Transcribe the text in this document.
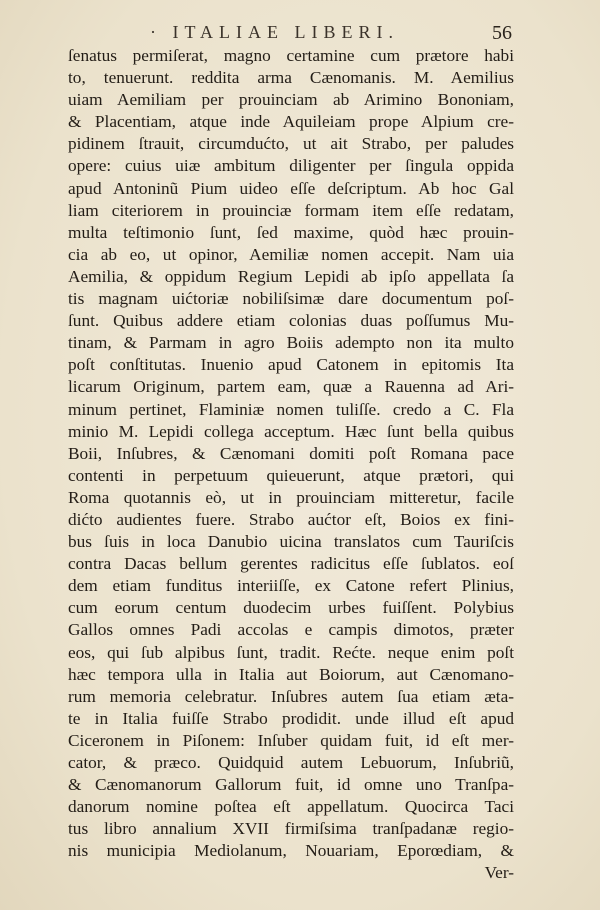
· ITALIAE LIBERI.	56
ſenatus permiſerat, magno certamine cum prætore habi
to, tenuerunt. reddita arma Cænomanis. M. Aemilius
uiam Aemiliam per prouinciam ab Arimino Bononiam,
& Placentiam, atque inde Aquileiam prope Alpium cre-
pidinem ſtrauit, circumdućto, ut ait Strabo, per paludes
opere: cuius uiæ ambitum diligenter per ſingula oppida
apud Antoninũ Pium uideo eſſe deſcriptum. Ab hoc Gal
liam citeriorem in prouinciæ formam item eſſe redatam,
multa teſtimonio ſunt, ſed maxime, quòd hæc prouin-
cia ab eo, ut opinor, Aemiliæ nomen accepit. Nam uia
Aemilia, & oppidum Regium Lepidi ab ipſo appellata ſa
tis magnam uićtoriæ nobiliſsimæ dare documentum poſ-
ſunt. Quibus addere etiam colonias duas poſſumus Mu-
tinam, & Parmam in agro Boiis adempto non ita multo
poſt conſtitutas. Inuenio apud Catonem in epitomis Ita
licarum Originum, partem eam, quæ a Rauenna ad Ari-
minum pertinet, Flaminiæ nomen tuliſſe. credo a C. Fla
minio M. Lepidi collega acceptum. Hæc ſunt bella quibus
Boii, Inſubres, & Cænomani domiti poſt Romana pace
contenti in perpetuum quieuerunt, atque prætori, qui
Roma quotannis eò, ut in prouinciam mitteretur, facile
dićto audientes fuere. Strabo aućtor eſt, Boios ex fini-
bus ſuis in loca Danubio uicina translatos cum Tauriſcis
contra Dacas bellum gerentes radicitus eſſe ſublatos. eoſ
dem etiam funditus interiiſſe, ex Catone refert Plinius,
cum eorum centum duodecim urbes fuiſſent. Polybius
Gallos omnes Padi accolas e campis dimotos, præter
eos, qui ſub alpibus ſunt, tradit. Rećte. neque enim poſt
hæc tempora ulla in Italia aut Boiorum, aut Cænomano-
rum memoria celebratur. Inſubres autem ſua etiam æta-
te in Italia fuiſſe Strabo prodidit. unde illud eſt apud
Ciceronem in Piſonem: Inſuber quidam fuit, id eſt mer-
cator, & præco. Quidquid autem Lebuorum, Inſubriũ,
& Cænomanorum Gallorum fuit, id omne uno Tranſpa-
danorum nomine poſtea eſt appellatum. Quocirca Taci
tus libro annalium XVII firmiſsima tranſpadanæ regio-
nis municipia Mediolanum, Nouariam, Eporœdiam, &
Ver-
